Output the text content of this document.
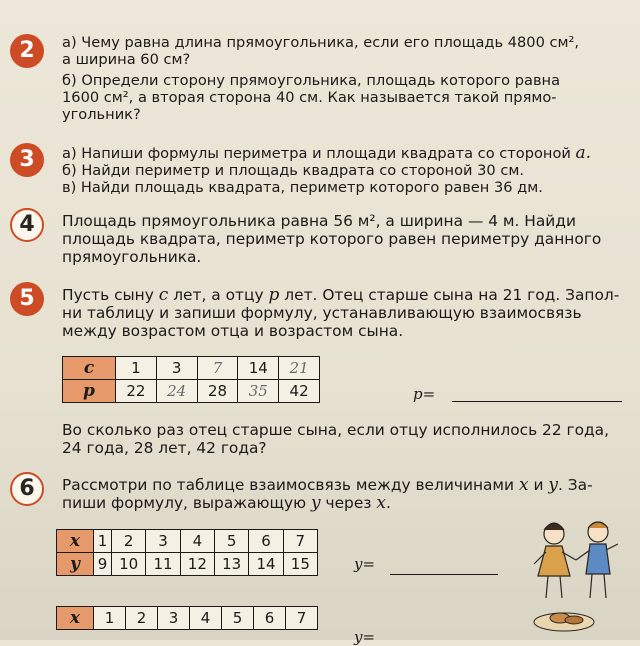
2	а) Чему равна длина прямоугольника, если его площадь 4800 см²,
а ширина 60 см?
б) Определи сторону прямоугольника, площадь которого равна
1600 см², а вторая сторона 40 см. Как называется такой прямо-
угольник?
3	а) Напиши формулы периметра и площади квадрата со стороной a.
б) Найди периметр и площадь квадрата со стороной 30 см.
в) Найди площадь квадрата, периметр которого равен 36 дм.
4	Площадь прямоугольника равна 56 м², а ширина — 4 м. Найди
площадь квадрата, периметр которого равен периметру данного
прямоугольника.
5	Пусть сыну c лет, а отцу p лет. Отец старше сына на 21 год. Запол-
ни таблицу и запиши формулу, устанавливающую взаимосвязь
между возрастом отца и возрастом сына.
c	1	3	7	14	21
p	22	24	28	35	42	p=
Во сколько раз отец старше сына, если отцу исполнилось 22 года,
24 года, 28 лет, 42 года?
6	Рассмотри по таблице взаимосвязь между величинами x и y. За-
пиши формулу, выражающую y через x.
x	1	2	3	4	5	6	7
y	9	10	11	12	13	14	15	y=
x	1	2	3	4	5	6	7
y=
